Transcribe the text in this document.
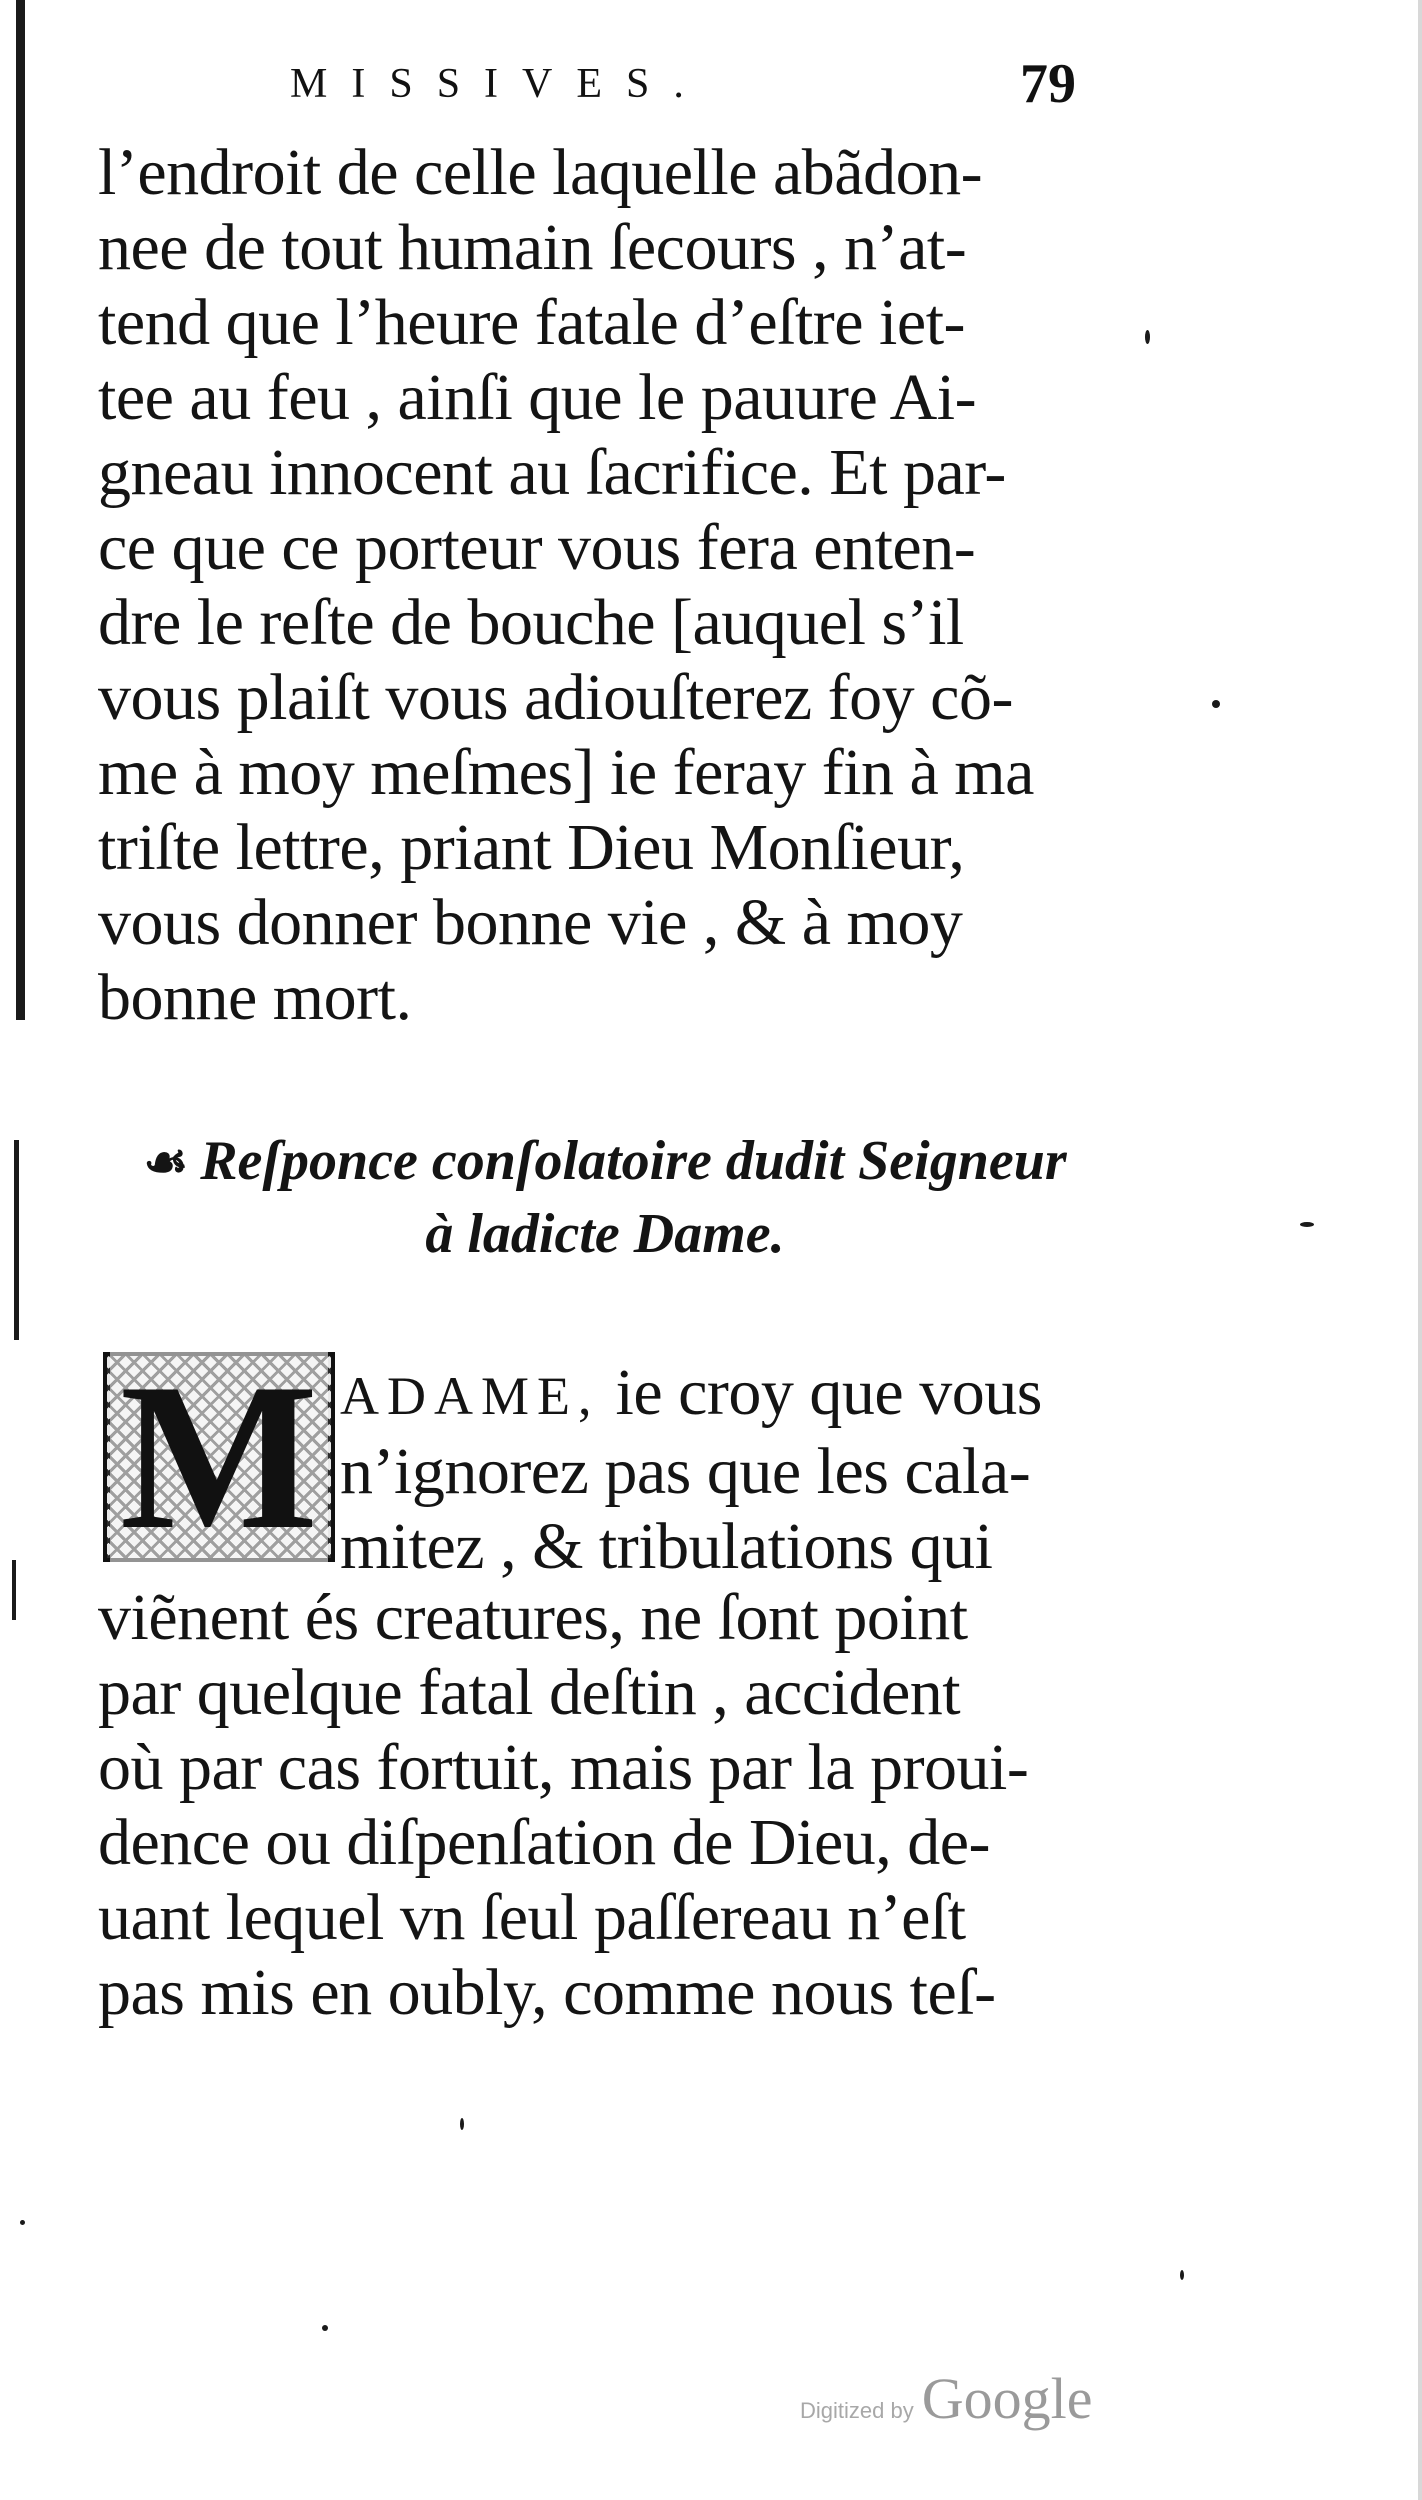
MISSIVES.	79
l’endroit de celle laquelle abãdon-
nee de tout humain ſecours , n’at-
tend que l’heure fatale d’eſtre iet-
tee au feu , ainſi que le pauure Ai-
gneau innocent au ſacrifice. Et par-
ce que ce porteur vous fera enten-
dre le reſte de bouche [auquel s’il
vous plaiſt vous adiouſterez foy cõ-
me à moy meſmes] ie feray fin à ma
triſte lettre, priant Dieu Monſieur,
vous donner bonne vie , & à moy
bonne mort.
☙ Reſponce conſolatoire dudit Seigneur
à ladicte Dame.
M ADAME, ie croy que vous
n’ignorez pas que les cala-
mitez , & tribulations qui
viẽnent és creatures, ne ſont point
par quelque fatal deſtin , accident
où par cas fortuit, mais par la proui-
dence ou diſpenſation de Dieu, de-
uant lequel vn ſeul paſſereau n’eſt
pas mis en oubly, comme nous teſ-
Digitized by Google
